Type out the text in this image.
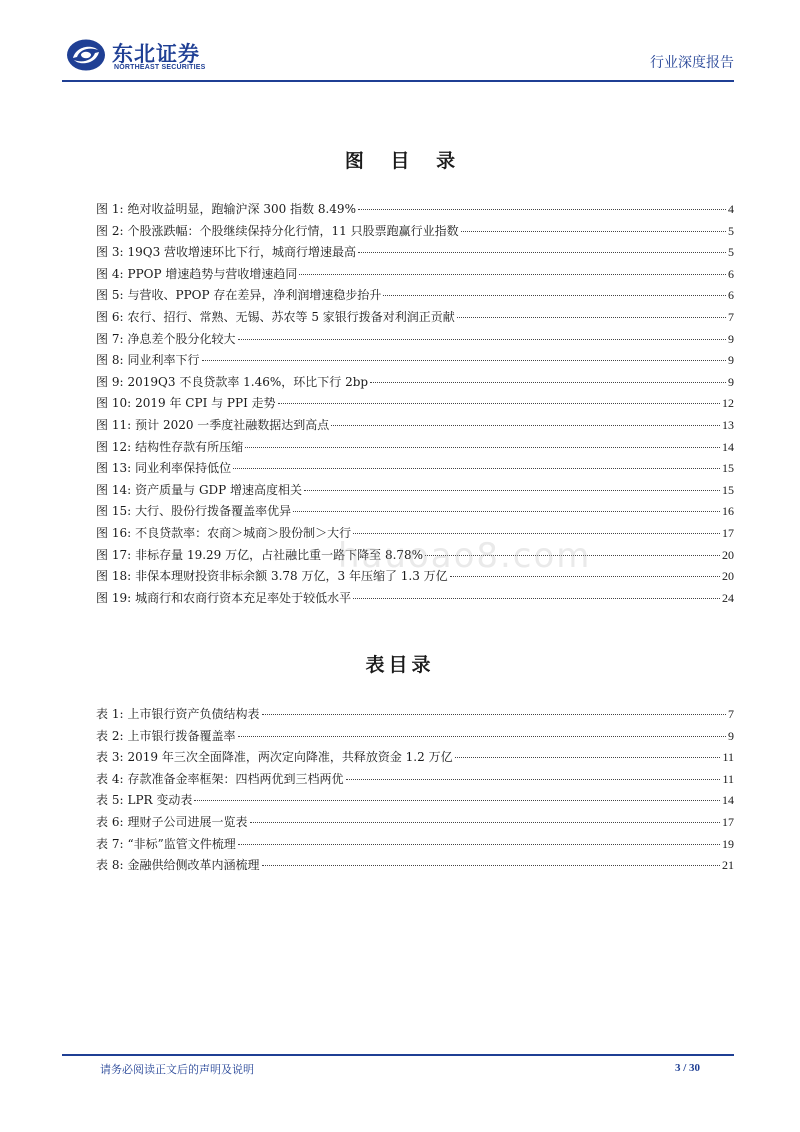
东北证券
NORTHEAST SECURITIES	行业深度报告
图 目 录
图 1: 绝对收益明显，跑输沪深 300 指数 8.49%	4
图 2: 个股涨跌幅：个股继续保持分化行情，11 只股票跑赢行业指数	5
图 3: 19Q3 营收增速环比下行，城商行增速最高	5
图 4: PPOP 增速趋势与营收增速趋同	6
图 5: 与营收、PPOP 存在差异，净利润增速稳步抬升	6
图 6: 农行、招行、常熟、无锡、苏农等 5 家银行拨备对利润正贡献	7
图 7: 净息差个股分化较大	9
图 8: 同业利率下行	9
图 9: 2019Q3 不良贷款率 1.46%，环比下行 2bp	9
图 10: 2019 年 CPI 与 PPI 走势	12
图 11: 预计 2020 一季度社融数据达到高点	13
图 12: 结构性存款有所压缩	14
图 13: 同业利率保持低位	15
图 14: 资产质量与 GDP 增速高度相关	15
图 15: 大行、股份行拨备覆盖率优异	16
图 16: 不良贷款率：农商＞城商＞股份制＞大行	17
图 17: 非标存量 19.29 万亿，占社融比重一路下降至 8.78%	20
图 18: 非保本理财投资非标余额 3.78 万亿，3 年压缩了 1.3 万亿	20
图 19: 城商行和农商行资本充足率处于较低水平	24
hauoao8.com
表目录
表 1: 上市银行资产负债结构表	7
表 2: 上市银行拨备覆盖率	9
表 3: 2019 年三次全面降准，两次定向降准，共释放资金 1.2 万亿	11
表 4: 存款准备金率框架：四档两优到三档两优	11
表 5: LPR 变动表	14
表 6: 理财子公司进展一览表	17
表 7: “非标”监管文件梳理	19
表 8: 金融供给侧改革内涵梳理	21
请务必阅读正文后的声明及说明	3 / 30
